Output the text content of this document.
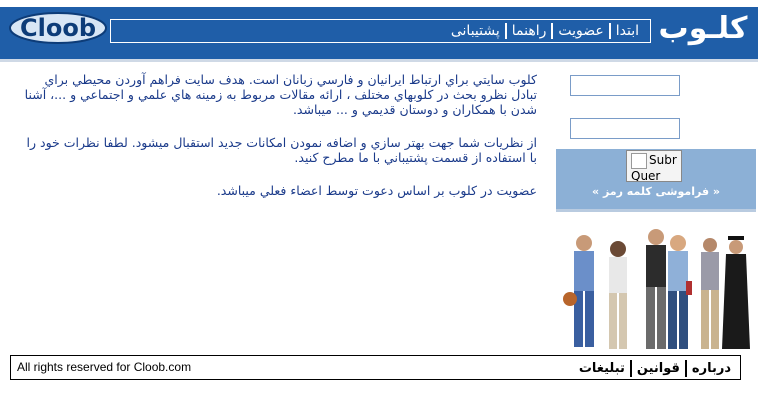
Cloob	ابتدا
عضویت
راهنما
پشتیبانی	کلـوب

كلوب سايتي براي ارتباط ايرانيان و فارسي زبانان است. هدف سايت فراهم آوردن محيطي براي تبادل نظرو بحث در كلوبهاي مختلف ، ارائه مقالات مربوط به زمينه هاي علمي و اجتماعي و ...، آشنا شدن با همكاران و دوستان قديمي و ... ميباشد.

از نظريات شما جهت بهتر سازي و اضافه نمودن امكانات جديد استقبال ميشود. لطفا نظرات خود را با استفاده از قسمت پشتيباني با ما مطرح كنيد.

عضويت در كلوب بر اساس دعوت توسط اعضاء فعلي ميباشد.

Subr Quer
« فراموشی کلمه رمز »
All rights reserved for Cloob.com	درباره
قوانین
تبلیغات
